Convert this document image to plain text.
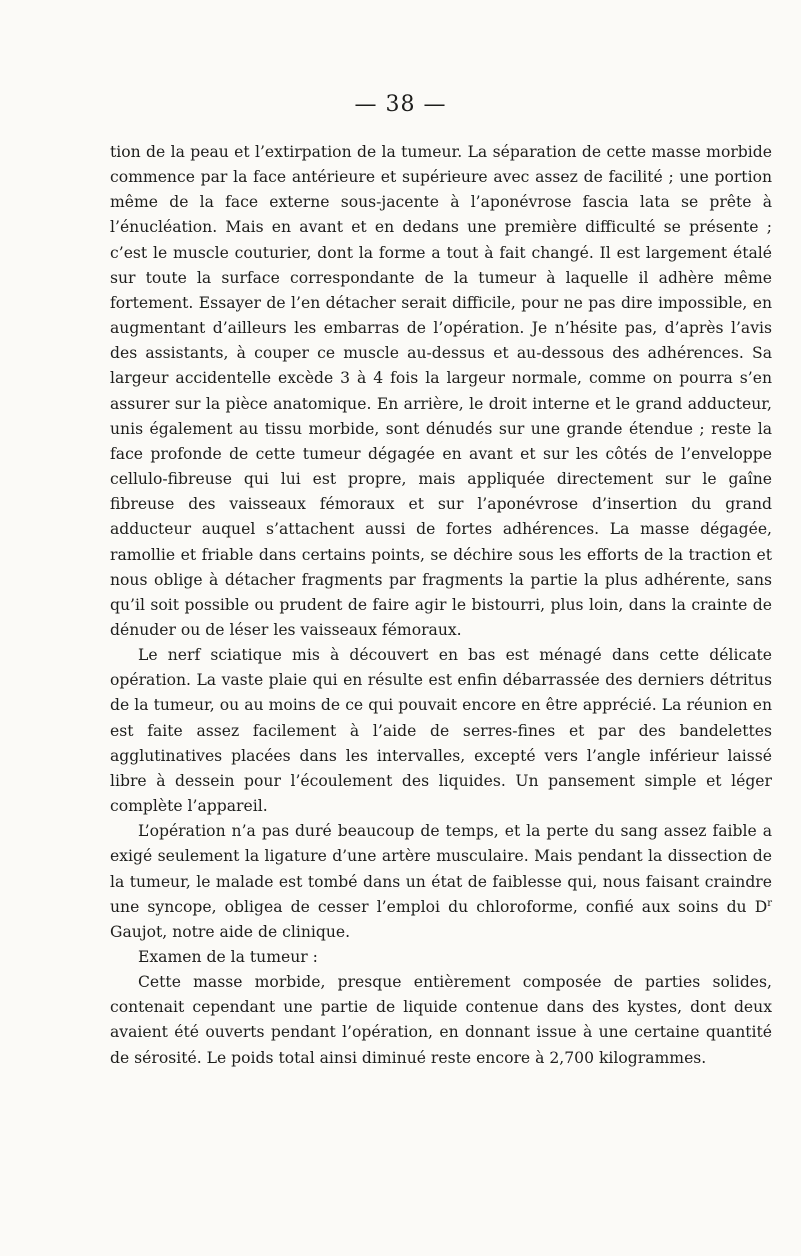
— 38 —

tion de la peau et l’extirpation de la tumeur. La séparation de cette masse morbide commence par la face antérieure et supérieure avec assez de facilité ; une portion même de la face externe sous-jacente à l’aponévrose fascia lata se prête à l’énucléation. Mais en avant et en dedans une première difficulté se présente ; c’est le muscle couturier, dont la forme a tout à fait changé. Il est largement étalé sur toute la surface correspondante de la tumeur à laquelle il adhère même fortement. Essayer de l’en détacher serait difficile, pour ne pas dire impossible, en augmentant d’ailleurs les embarras de l’opération. Je n’hésite pas, d’après l’avis des assistants, à couper ce muscle au-dessus et au-dessous des adhérences. Sa largeur accidentelle excède 3 à 4 fois la largeur normale, comme on pourra s’en assurer sur la pièce anatomique. En arrière, le droit interne et le grand adducteur, unis également au tissu morbide, sont dénudés sur une grande étendue ; reste la face profonde de cette tumeur dégagée en avant et sur les côtés de l’enveloppe cellulo-fibreuse qui lui est propre, mais appliquée directement sur le gaîne fibreuse des vaisseaux fémoraux et sur l’aponévrose d’insertion du grand adducteur auquel s’attachent aussi de fortes adhérences. La masse dégagée, ramollie et friable dans certains points, se déchire sous les efforts de la traction et nous oblige à détacher fragments par fragments la partie la plus adhérente, sans qu’il soit possible ou prudent de faire agir le bistourri, plus loin, dans la crainte de dénuder ou de léser les vaisseaux fémoraux.

Le nerf sciatique mis à découvert en bas est ménagé dans cette délicate opération. La vaste plaie qui en résulte est enfin débarrassée des derniers détritus de la tumeur, ou au moins de ce qui pouvait encore en être apprécié. La réunion en est faite assez facilement à l’aide de serres-fines et par des bandelettes agglutinatives placées dans les intervalles, excepté vers l’angle inférieur laissé libre à dessein pour l’écoulement des liquides. Un pansement simple et léger complète l’appareil.

L’opération n’a pas duré beaucoup de temps, et la perte du sang assez faible a exigé seulement la ligature d’une artère musculaire. Mais pendant la dissection de la tumeur, le malade est tombé dans un état de faiblesse qui, nous faisant craindre une syncope, obligea de cesser l’emploi du chloroforme, confié aux soins du $D^r$ Gaujot, notre aide de clinique.

Examen de la tumeur :

Cette masse morbide, presque entièrement composée de parties solides, contenait cependant une partie de liquide contenue dans des kystes, dont deux avaient été ouverts pendant l’opération, en donnant issue à une certaine quantité de sérosité. Le poids total ainsi diminué reste encore à 2,700 kilogrammes.
